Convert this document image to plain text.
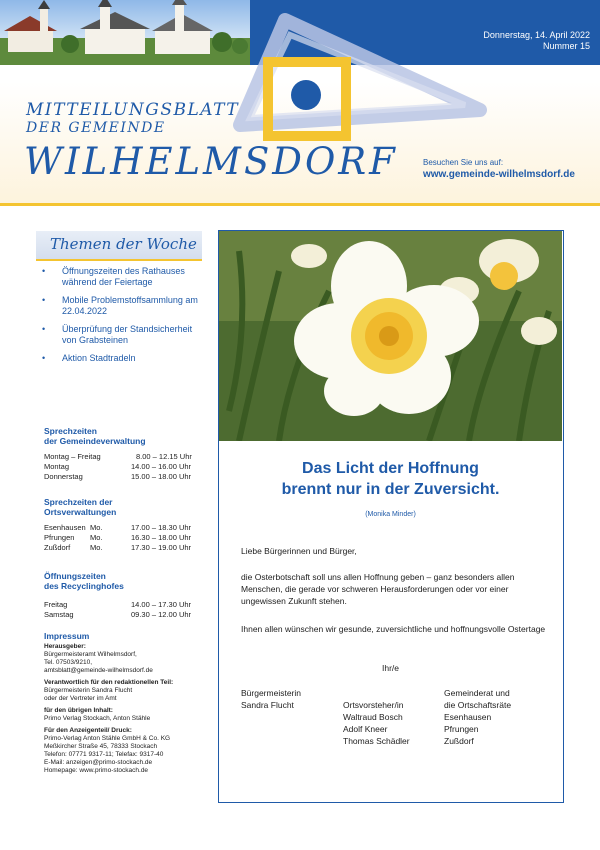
Donnerstag, 14. April 2022
Nummer 15
MITTEILUNGSBLATT
DER GEMEINDE
WILHELMSDORF	Besuchen Sie uns auf:
www.gemeinde-wilhelmsdorf.de
Themen der Woche
• Öffnungszeiten des Rathauses während der Feiertage
• Mobile Problemstoffsammlung am 22.04.2022
• Überprüfung der Standsicherheit von Grabsteinen
• Aktion Stadtradeln
Sprechzeiten
der Gemeindeverwaltung
Montag – Freitag	8.00 – 12.15 Uhr
Montag	14.00 – 16.00 Uhr
Donnerstag	15.00 – 18.00 Uhr
Sprechzeiten der
Ortsverwaltungen
Esenhausen Mo.	17.00 – 18.30 Uhr
Pfrungen Mo.	16.30 – 18.00 Uhr
Zußdorf	Mo.	17.30 – 19.00 Uhr
Öffnungszeiten
des Recyclinghofes
Freitag	14.00 – 17.30 Uhr
Samstag	09.30 – 12.00 Uhr
Impressum
Herausgeber:
Bürgermeisteramt Wilhelmsdorf,
Tel. 07503/9210,
amtsblatt@gemeinde-wilhelmsdorf.de
Verantwortlich für den redaktionellen Teil:
Bürgermeisterin Sandra Flucht
oder der Vertreter im Amt
für den übrigen Inhalt:
Primo Verlag Stockach, Anton Stähle
Für den Anzeigenteil/ Druck:
Primo-Verlag Anton Stähle GmbH & Co. KG
Meßkircher Straße 45, 78333 Stockach
Telefon: 07771 9317-11; Telefax: 9317-40
E-Mail: anzeigen@primo-stockach.de
Homepage: www.primo-stockach.de
Das Licht der Hoffnung
brennt nur in der Zuversicht.
(Monika Minder)
Liebe Bürgerinnen und Bürger,
die Osterbotschaft soll uns allen Hoffnung geben – ganz besonders allen Menschen, die gerade vor schweren Herausforderungen oder vor einer ungewissen Zukunft stehen.
Ihnen allen wünschen wir gesunde, zuversichtliche und hoffnungsvolle Ostertage
Ihr/e
Bürgermeisterin
Sandra Flucht	Ortsvorsteher/in
Waltraud Bosch
Adolf Kneer
Thomas Schädler
Gemeinderat und
die Ortschaftsräte
Esenhausen
Pfrungen
Zußdorf
